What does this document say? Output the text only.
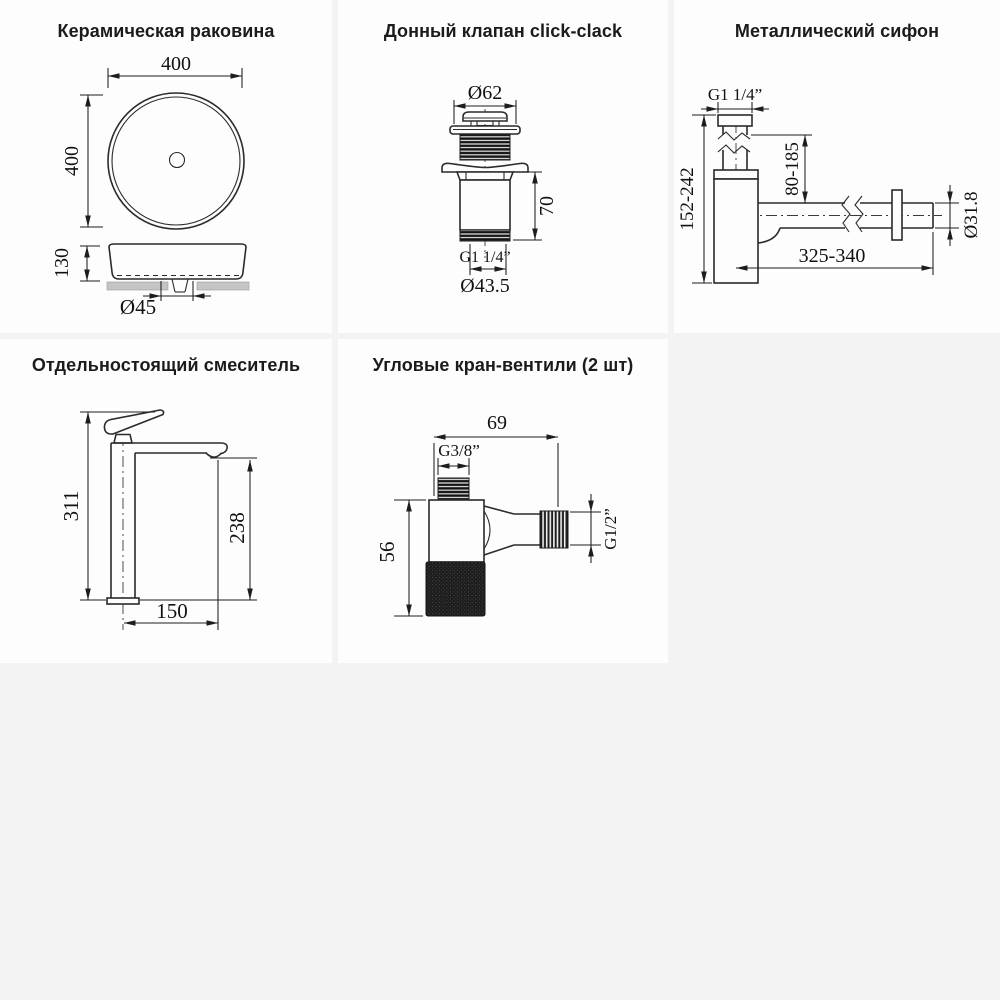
Керамическая раковина
400
400
130
Ø45
Донный клапан click-clack
Ø62
70
G1 1/4”
Ø43.5
Металлический сифон
G1 1/4”
152-242	80-185
Ø31.8
325-340
Отдельностоящий смеситель
311
238
150
Угловые кран-вентили (2 шт)
69
G3/8”
56
G1/2”
